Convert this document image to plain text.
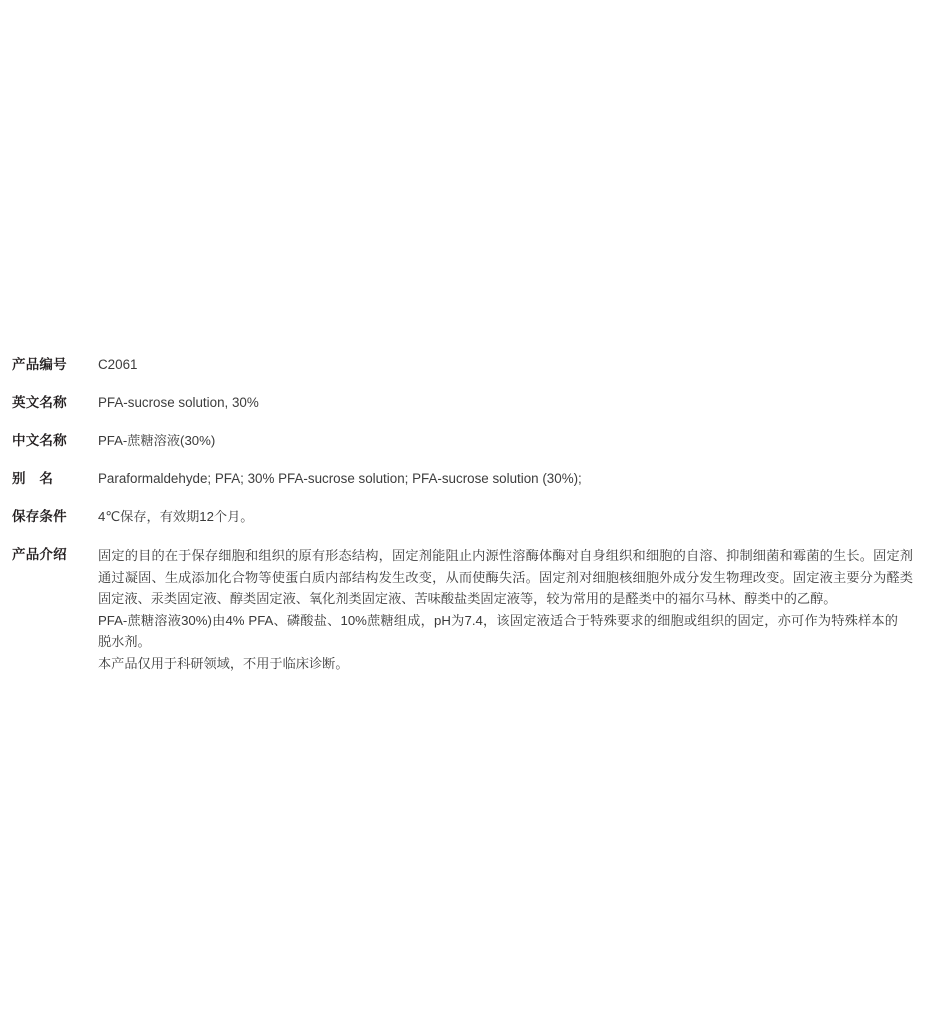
产品编号	C2061
英文名称	PFA-sucrose solution, 30%
中文名称	PFA-蔗糖溶液(30%)
别　名	Paraformaldehyde; PFA; 30% PFA-sucrose solution; PFA-sucrose solution (30%);
保存条件	4℃保存，有效期12个月。
产品介绍	固定的目的在于保存细胞和组织的原有形态结构，固定剂能阻止内源性溶酶体酶对自身组织和细胞的自溶、抑制细菌和霉菌的生长。固定剂通过凝固、生成添加化合物等使蛋白质内部结构发生改变，从而使酶失活。固定剂对细胞核细胞外成分发生物理改变。固定液主要分为醛类固定液、汞类固定液、醇类固定液、氧化剂类固定液、苦味酸盐类固定液等，较为常用的是醛类中的福尔马林、醇类中的乙醇。

PFA-蔗糖溶液30%)由4% PFA、磷酸盐、10%蔗糖组成，pH为7.4，该固定液适合于特殊要求的细胞或组织的固定，亦可作为特殊样本的脱水剂。

本产品仅用于科研领域，不用于临床诊断。
